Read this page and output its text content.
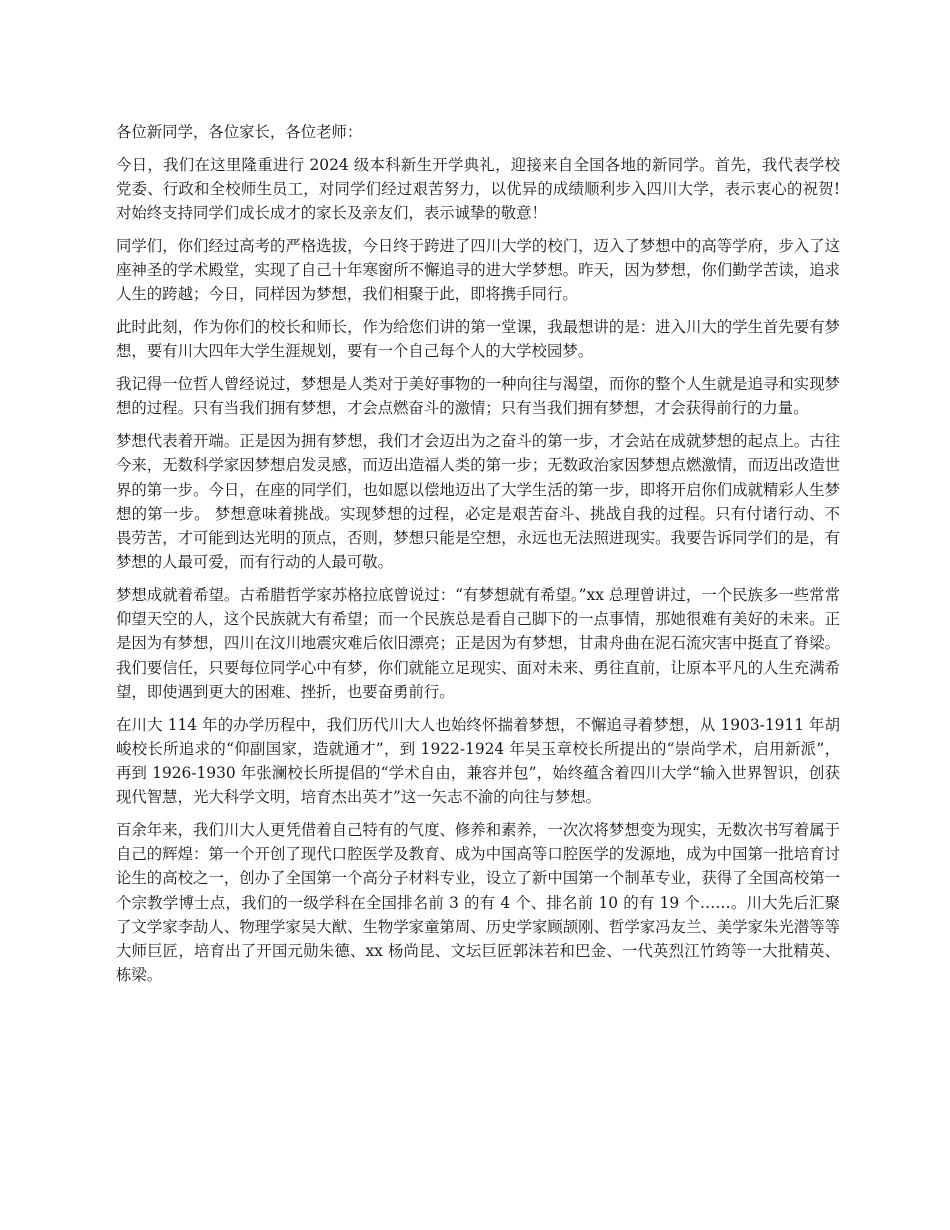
各位新同学，各位家长，各位老师：

今日，我们在这里隆重进行 2024 级本科新生开学典礼，迎接来自全国各地的新同学。首先，我代表学校党委、行政和全校师生员工，对同学们经过艰苦努力，以优异的成绩顺利步入四川大学，表示衷心的祝贺!对始终支持同学们成长成才的家长及亲友们，表示诚挚的敬意！

同学们，你们经过高考的严格选拔，今日终于跨进了四川大学的校门，迈入了梦想中的高等学府，步入了这座神圣的学术殿堂，实现了自己十年寒窗所不懈追寻的进大学梦想。昨天，因为梦想，你们勤学苦读，追求人生的跨越；今日，同样因为梦想，我们相聚于此，即将携手同行。

此时此刻，作为你们的校长和师长，作为给您们讲的第一堂课，我最想讲的是：进入川大的学生首先要有梦想，要有川大四年大学生涯规划，要有一个自己每个人的大学校园梦。

我记得一位哲人曾经说过，梦想是人类对于美好事物的一种向往与渴望，而你的整个人生就是追寻和实现梦想的过程。只有当我们拥有梦想，才会点燃奋斗的激情；只有当我们拥有梦想，才会获得前行的力量。

梦想代表着开端。正是因为拥有梦想，我们才会迈出为之奋斗的第一步，才会站在成就梦想的起点上。古往今来，无数科学家因梦想启发灵感，而迈出造福人类的第一步；无数政治家因梦想点燃激情，而迈出改造世界的第一步。今日，在座的同学们，也如愿以偿地迈出了大学生活的第一步，即将开启你们成就精彩人生梦想的第一步。 梦想意味着挑战。实现梦想的过程，必定是艰苦奋斗、挑战自我的过程。只有付诸行动、不畏劳苦，才可能到达光明的顶点，否则，梦想只能是空想，永远也无法照进现实。我要告诉同学们的是，有梦想的人最可爱，而有行动的人最可敬。

梦想成就着希望。古希腊哲学家苏格拉底曾说过：“有梦想就有希望。”xx 总理曾讲过，一个民族多一些常常仰望天空的人，这个民族就大有希望；而一个民族总是看自己脚下的一点事情，那她很难有美好的未来。正是因为有梦想，四川在汶川地震灾难后依旧漂亮；正是因为有梦想，甘肃舟曲在泥石流灾害中挺直了脊梁。我们要信任，只要每位同学心中有梦，你们就能立足现实、面对未来、勇往直前，让原本平凡的人生充满希望，即使遇到更大的困难、挫折，也要奋勇前行。

在川大 114 年的办学历程中，我们历代川大人也始终怀揣着梦想，不懈追寻着梦想，从 1903-1911 年胡峻校长所追求的“仰副国家，造就通才”，到 1922-1924 年吴玉章校长所提出的“崇尚学术，启用新派”，再到 1926-1930 年张澜校长所提倡的“学术自由，兼容并包”，始终蕴含着四川大学“输入世界智识，创获现代智慧，光大科学文明，培育杰出英才”这一矢志不渝的向往与梦想。

百余年来，我们川大人更凭借着自己特有的气度、修养和素养，一次次将梦想变为现实，无数次书写着属于自己的辉煌：第一个开创了现代口腔医学及教育、成为中国高等口腔医学的发源地，成为中国第一批培育讨论生的高校之一，创办了全国第一个高分子材料专业，设立了新中国第一个制革专业，获得了全国高校第一个宗教学博士点，我们的一级学科在全国排名前 3 的有 4 个、排名前 10 的有 19 个……。川大先后汇聚了文学家李劼人、物理学家吴大猷、生物学家童第周、历史学家顾颉刚、哲学家冯友兰、美学家朱光潜等等大师巨匠，培育出了开国元勋朱德、xx 杨尚昆、文坛巨匠郭沫若和巴金、一代英烈江竹筠等一大批精英、栋梁。
